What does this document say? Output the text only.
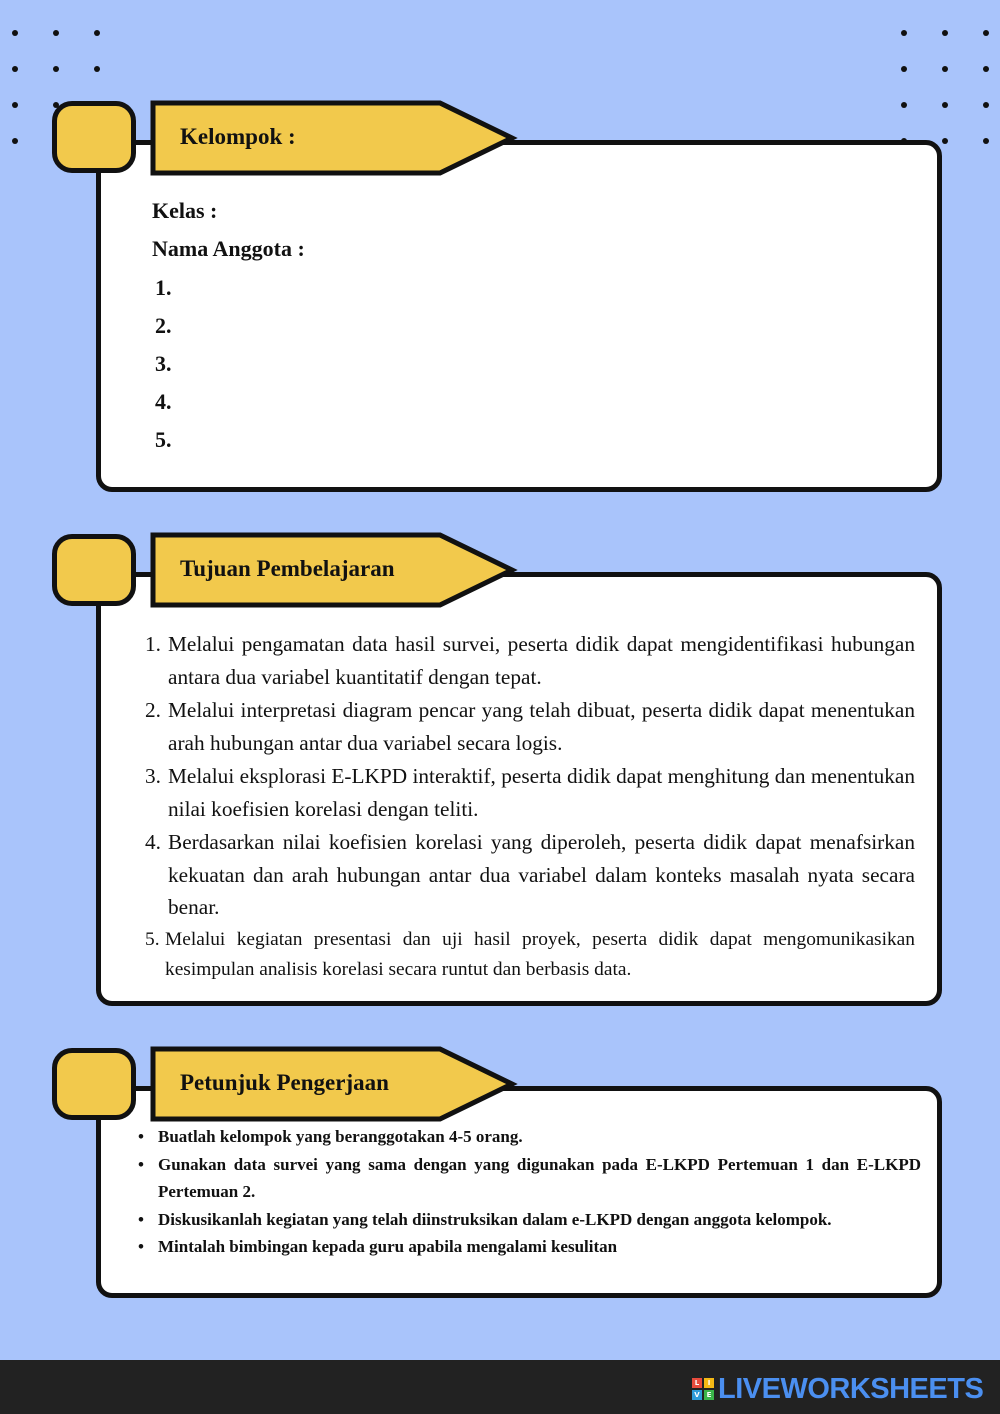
Kelompok :
Kelas :
Nama Anggota :
1.
2.
3.
4.
5.
Tujuan Pembelajaran
1. Melalui pengamatan data hasil survei, peserta didik dapat mengidentifikasi hubungan antara dua variabel kuantitatif dengan tepat.
2. Melalui interpretasi diagram pencar yang telah dibuat, peserta didik dapat menentukan arah hubungan antar dua variabel secara logis.
3. Melalui eksplorasi E-LKPD interaktif, peserta didik dapat menghitung dan menentukan nilai koefisien korelasi dengan teliti.
4. Berdasarkan nilai koefisien korelasi yang diperoleh, peserta didik dapat menafsirkan kekuatan dan arah hubungan antar dua variabel dalam konteks masalah nyata secara benar.
5. Melalui kegiatan presentasi dan uji hasil proyek, peserta didik dapat mengomunikasikan kesimpulan analisis korelasi secara runtut dan berbasis data.
Petunjuk Pengerjaan
• Buatlah kelompok yang beranggotakan 4-5 orang.
• Gunakan data survei yang sama dengan yang digunakan pada E-LKPD Pertemuan 1 dan E-LKPD Pertemuan 2.
• Diskusikanlah kegiatan yang telah diinstruksikan dalam e-LKPD dengan anggota kelompok.
• Mintalah bimbingan kepada guru apabila mengalami kesulitan
L	I
V E LIVEWORKSHEETS
